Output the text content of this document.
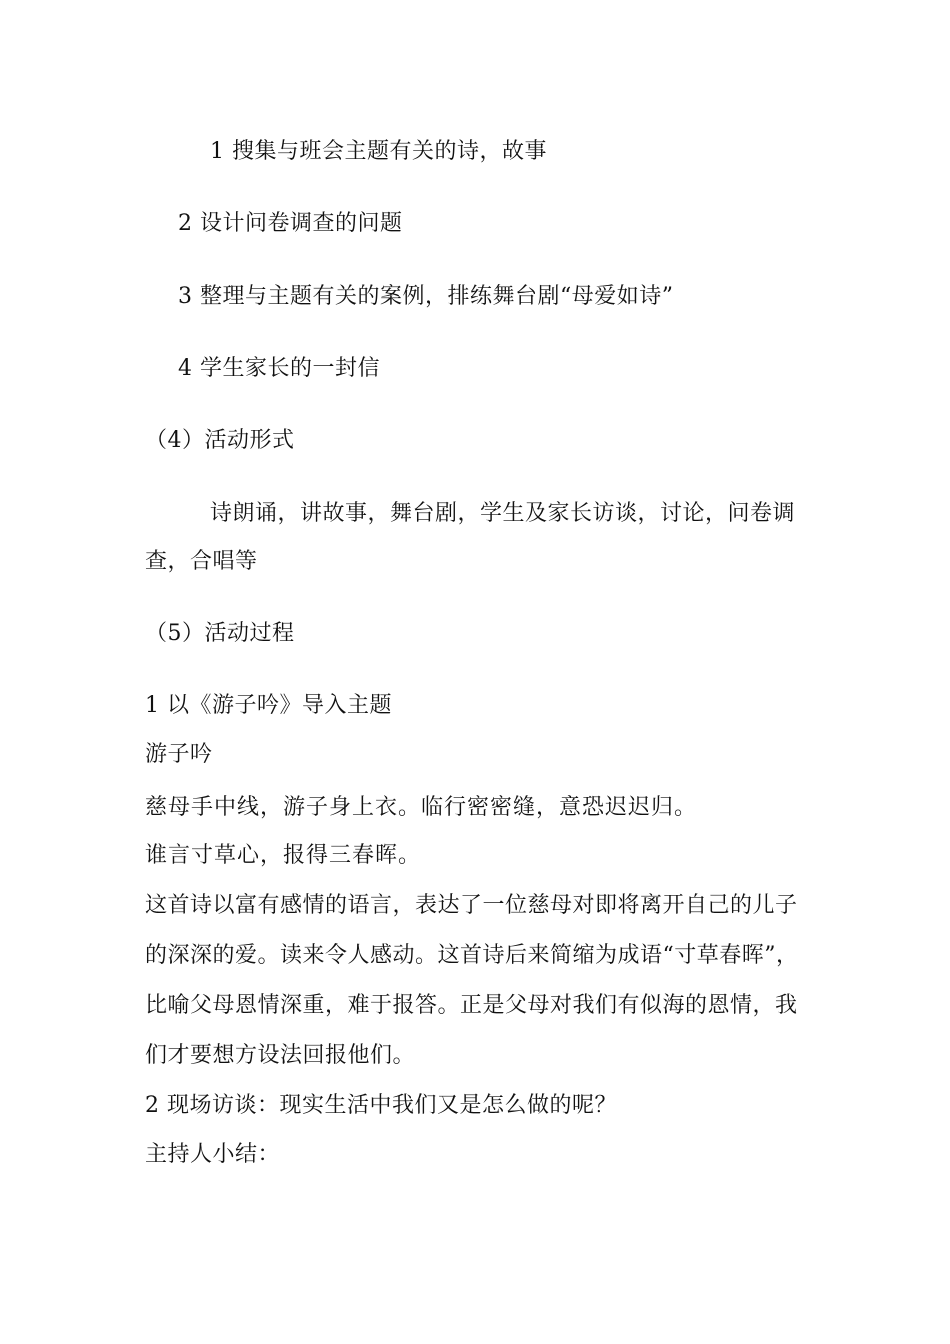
1 搜集与班会主题有关的诗，故事
2 设计问卷调查的问题
3 整理与主题有关的案例，排练舞台剧“母爱如诗”
4 学生家长的一封信
（4）活动形式
诗朗诵，讲故事，舞台剧，学生及家长访谈，讨论，问卷调
查，合唱等
（5）活动过程
1 以《游子吟》导入主题
游子吟
慈母手中线，游子身上衣。临行密密缝，意恐迟迟归。
谁言寸草心，报得三春晖。
这首诗以富有感情的语言，表达了一位慈母对即将离开自己的儿子
的深深的爱。读来令人感动。这首诗后来简缩为成语“寸草春晖”，
比喻父母恩情深重，难于报答。正是父母对我们有似海的恩情，我
们才要想方设法回报他们。
2 现场访谈：现实生活中我们又是怎么做的呢？
主持人小结：
